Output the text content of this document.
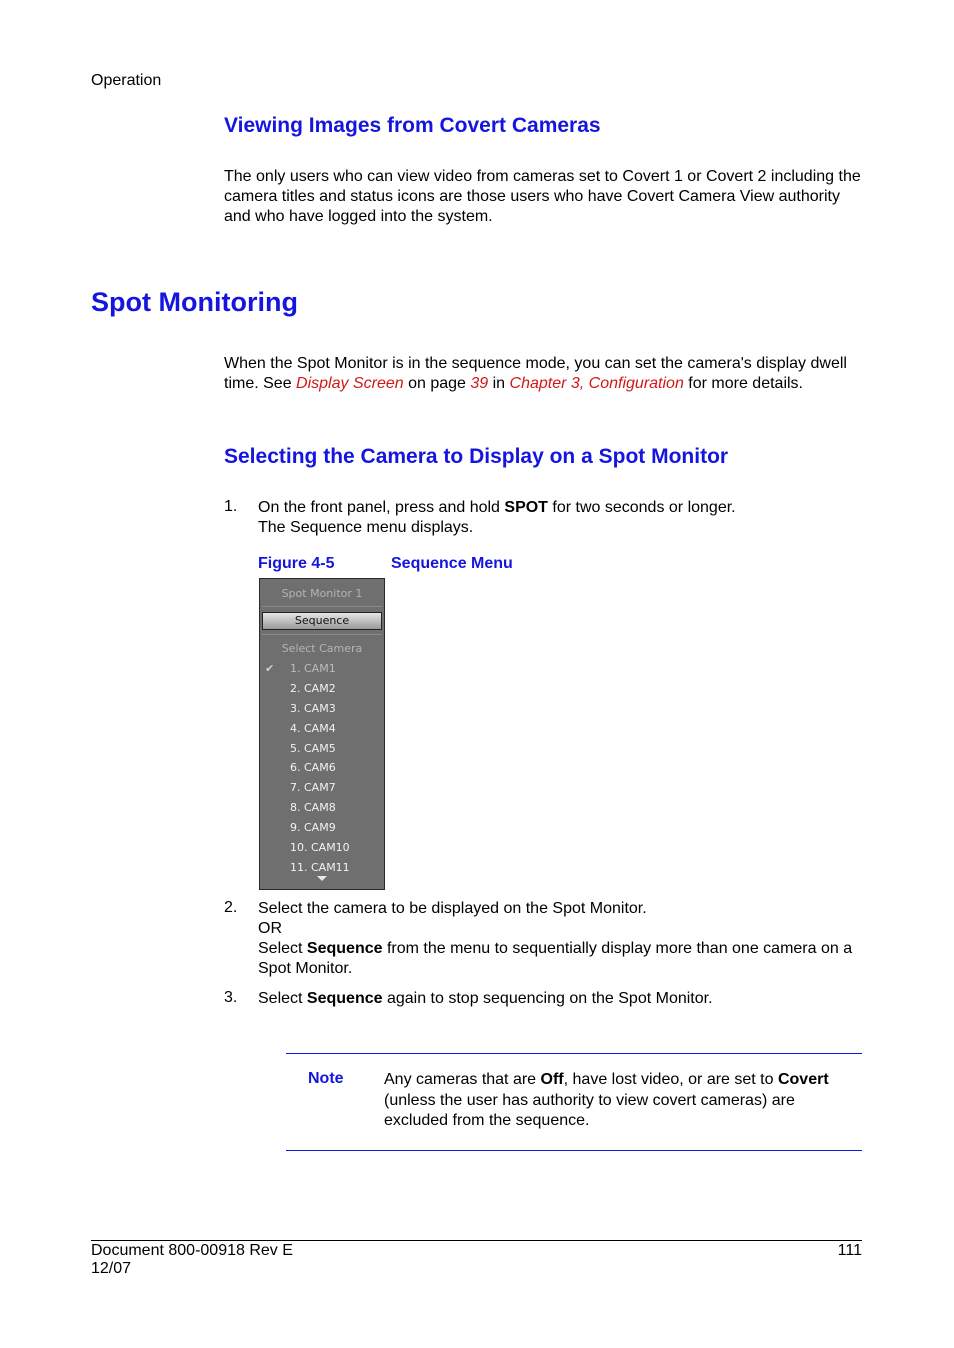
Operation
Viewing Images from Covert Cameras
The only users who can view video from cameras set to Covert 1 or Covert 2 including the camera titles and status icons are those users who have Covert Camera View authority and who have logged into the system.
Spot Monitoring
When the Spot Monitor is in the sequence mode, you can set the camera's display dwell time. See Display Screen on page 39 in Chapter 3, Configuration for more details.
Selecting the Camera to Display on a Spot Monitor
1. On the front panel, press and hold SPOT for two seconds or longer.
The Sequence menu displays.
Figure 4-5	Sequence Menu
Spot Monitor 1
Sequence
Select Camera
✔ 1. CAM1
2. CAM2
3. CAM3
4. CAM4
5. CAM5
6. CAM6
7. CAM7
8. CAM8
9. CAM9
10. CAM10
11. CAM11
2. Select the camera to be displayed on the Spot Monitor.
OR
Select Sequence from the menu to sequentially display more than one camera on a Spot Monitor.
3. Select Sequence again to stop sequencing on the Spot Monitor.
Note	Any cameras that are Off, have lost video, or are set to Covert (unless the user has authority to view covert cameras) are excluded from the sequence.
Document 800-00918 Rev E
12/07
111
